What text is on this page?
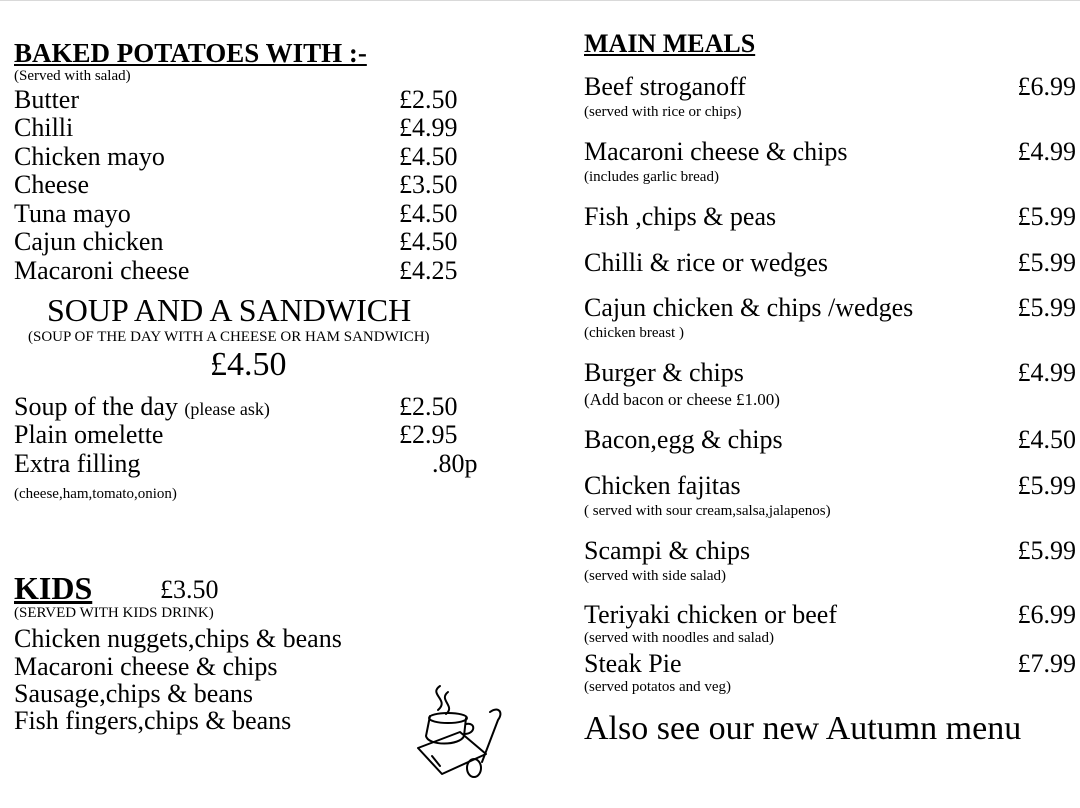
BAKED POTATOES WITH :-
(Served with salad)
Butter	£2.50
Chilli	£4.99
Chicken mayo	£4.50
Cheese	£3.50
Tuna mayo	£4.50
Cajun chicken	£4.50
Macaroni cheese	£4.25
SOUP AND A SANDWICH
(SOUP OF THE DAY WITH A CHEESE OR HAM SANDWICH)
£4.50
Soup of the day (please ask)	£2.50
Plain omelette	£2.95
Extra filling	.80p
(cheese,ham,tomato,onion)
KIDS	£3.50
(SERVED WITH KIDS DRINK)
Chicken nuggets,chips & beans
Macaroni cheese & chips
Sausage,chips & beans
Fish fingers,chips & beans
MAIN MEALS
Beef stroganoff	£6.99
(served with rice or chips)
Macaroni cheese & chips	£4.99
(includes garlic bread)
Fish ,chips & peas	£5.99
Chilli & rice or wedges	£5.99
Cajun chicken & chips /wedges	£5.99
(chicken breast )
Burger & chips	£4.99
(Add bacon or cheese £1.00)
Bacon,egg & chips	£4.50
Chicken fajitas	£5.99
( served with sour cream,salsa,jalapenos)
Scampi & chips	£5.99
(served with side salad)
Teriyaki chicken or beef	£6.99
(served with noodles and salad)
Steak Pie	£7.99
(served potatos and veg)
Also see our new Autumn menu
